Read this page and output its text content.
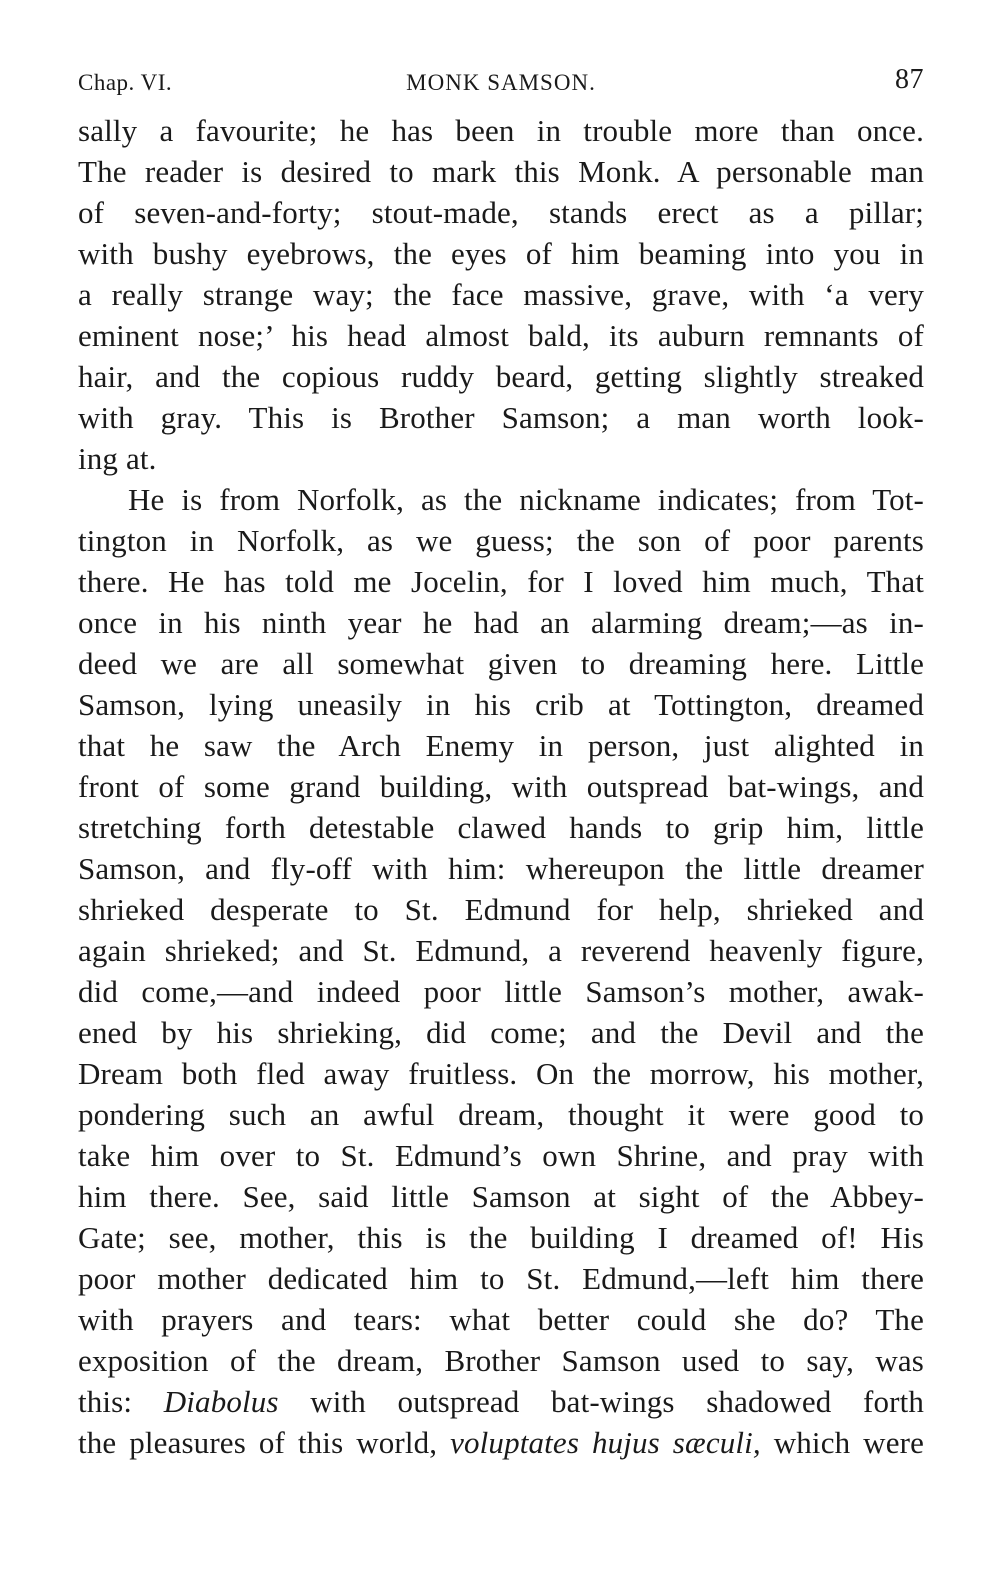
Chap. VI.	MONK SAMSON.	87
sally a favourite; he has been in trouble more than once.
The reader is desired to mark this Monk. A personable man
of seven-and-forty; stout-made, stands erect as a pillar;
with bushy eyebrows, the eyes of him beaming into you in
a really strange way; the face massive, grave, with ‘a very
eminent nose;’ his head almost bald, its auburn remnants of
hair, and the copious ruddy beard, getting slightly streaked
with gray. This is Brother Samson; a man worth look-
ing at.
He is from Norfolk, as the nickname indicates; from Tot-
tington in Norfolk, as we guess; the son of poor parents
there. He has told me Jocelin, for I loved him much, That
once in his ninth year he had an alarming dream;—as in-
deed we are all somewhat given to dreaming here. Little
Samson, lying uneasily in his crib at Tottington, dreamed
that he saw the Arch Enemy in person, just alighted in
front of some grand building, with outspread bat-wings, and
stretching forth detestable clawed hands to grip him, little
Samson, and fly-off with him: whereupon the little dreamer
shrieked desperate to St. Edmund for help, shrieked and
again shrieked; and St. Edmund, a reverend heavenly figure,
did come,—and indeed poor little Samson’s mother, awak-
ened by his shrieking, did come; and the Devil and the
Dream both fled away fruitless. On the morrow, his mother,
pondering such an awful dream, thought it were good to
take him over to St. Edmund’s own Shrine, and pray with
him there. See, said little Samson at sight of the Abbey-
Gate; see, mother, this is the building I dreamed of! His
poor mother dedicated him to St. Edmund,—left him there
with prayers and tears: what better could she do? The
exposition of the dream, Brother Samson used to say, was
this: Diabolus with outspread bat-wings shadowed forth
the pleasures of this world, voluptates hujus sæculi, which were
